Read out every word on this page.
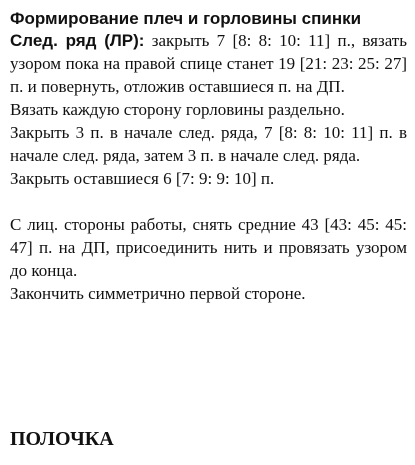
Формирование плеч и горловины спинки

След. ряд (ЛР): закрыть 7 [8: 8: 10: 11] п., вязать узором пока на правой спице станет 19 [21: 23: 25: 27] п. и повернуть, отложив оставшиеся п. на ДП.

Вязать каждую сторону горловины раздельно.

Закрыть 3 п. в начале след. ряда, 7 [8: 8: 10: 11] п. в начале след. ряда, затем 3 п. в начале след. ряда.

Закрыть оставшиеся 6 [7: 9: 9: 10] п.

С лиц. стороны работы, снять средние 43 [43: 45: 45: 47] п. на ДП, присоединить нить и провязать узором до конца.

Закончить симметрично первой стороне.

ПОЛОЧКА
